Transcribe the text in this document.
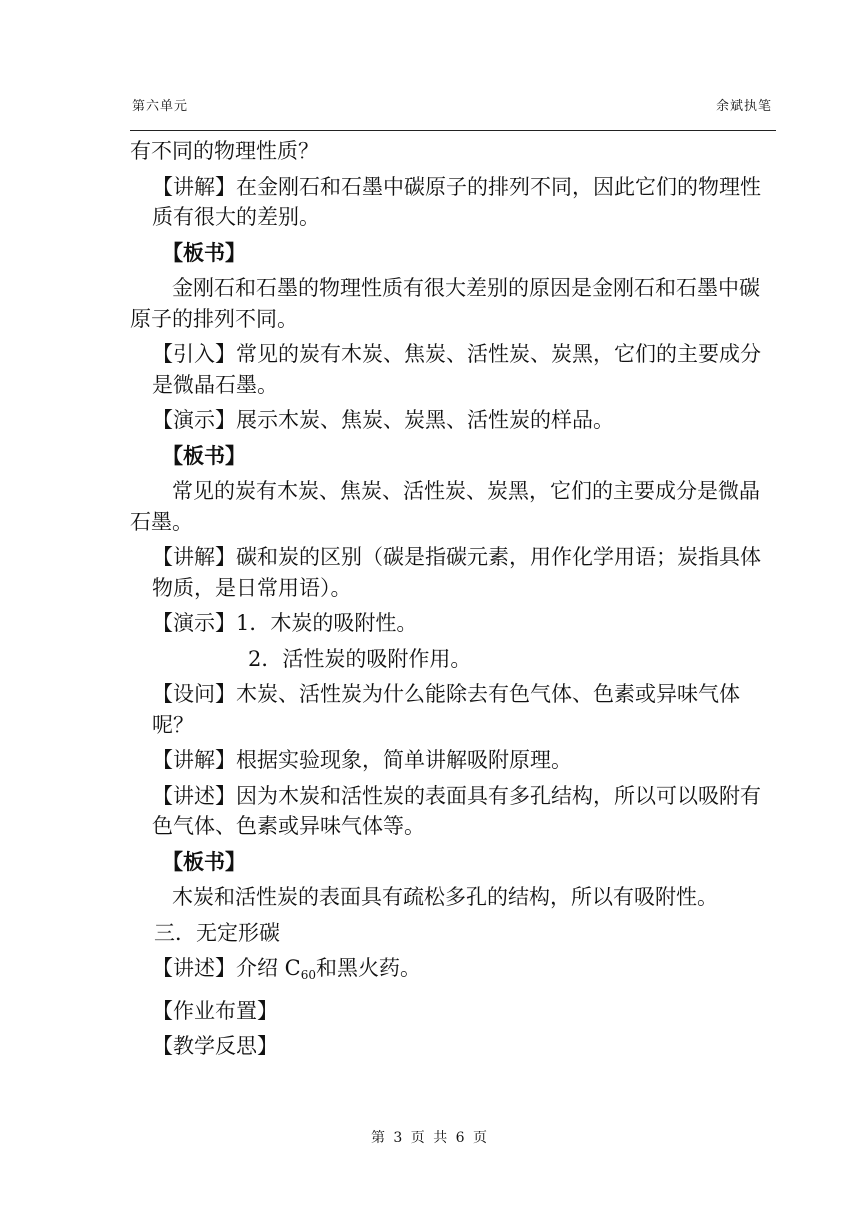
第六单元	余斌执笔
有不同的物理性质？
【讲解】在金刚石和石墨中碳原子的排列不同，因此它们的物理性质有很大的差别。
【板书】
金刚石和石墨的物理性质有很大差别的原因是金刚石和石墨中碳原子的排列不同。
【引入】常见的炭有木炭、焦炭、活性炭、炭黑，它们的主要成分是微晶石墨。
【演示】展示木炭、焦炭、炭黑、活性炭的样品。
【板书】
常见的炭有木炭、焦炭、活性炭、炭黑，它们的主要成分是微晶石墨。
【讲解】碳和炭的区别（碳是指碳元素，用作化学用语；炭指具体物质，是日常用语）。
【演示】1．木炭的吸附性。
2．活性炭的吸附作用。
【设问】木炭、活性炭为什么能除去有色气体、色素或异味气体呢？
【讲解】根据实验现象，简单讲解吸附原理。
【讲述】因为木炭和活性炭的表面具有多孔结构，所以可以吸附有色气体、色素或异味气体等。
【板书】
木炭和活性炭的表面具有疏松多孔的结构，所以有吸附性。
三．无定形碳
【讲述】介绍 $C_{60}$和黑火药。
【作业布置】
【教学反思】
第 3 页 共 6 页
